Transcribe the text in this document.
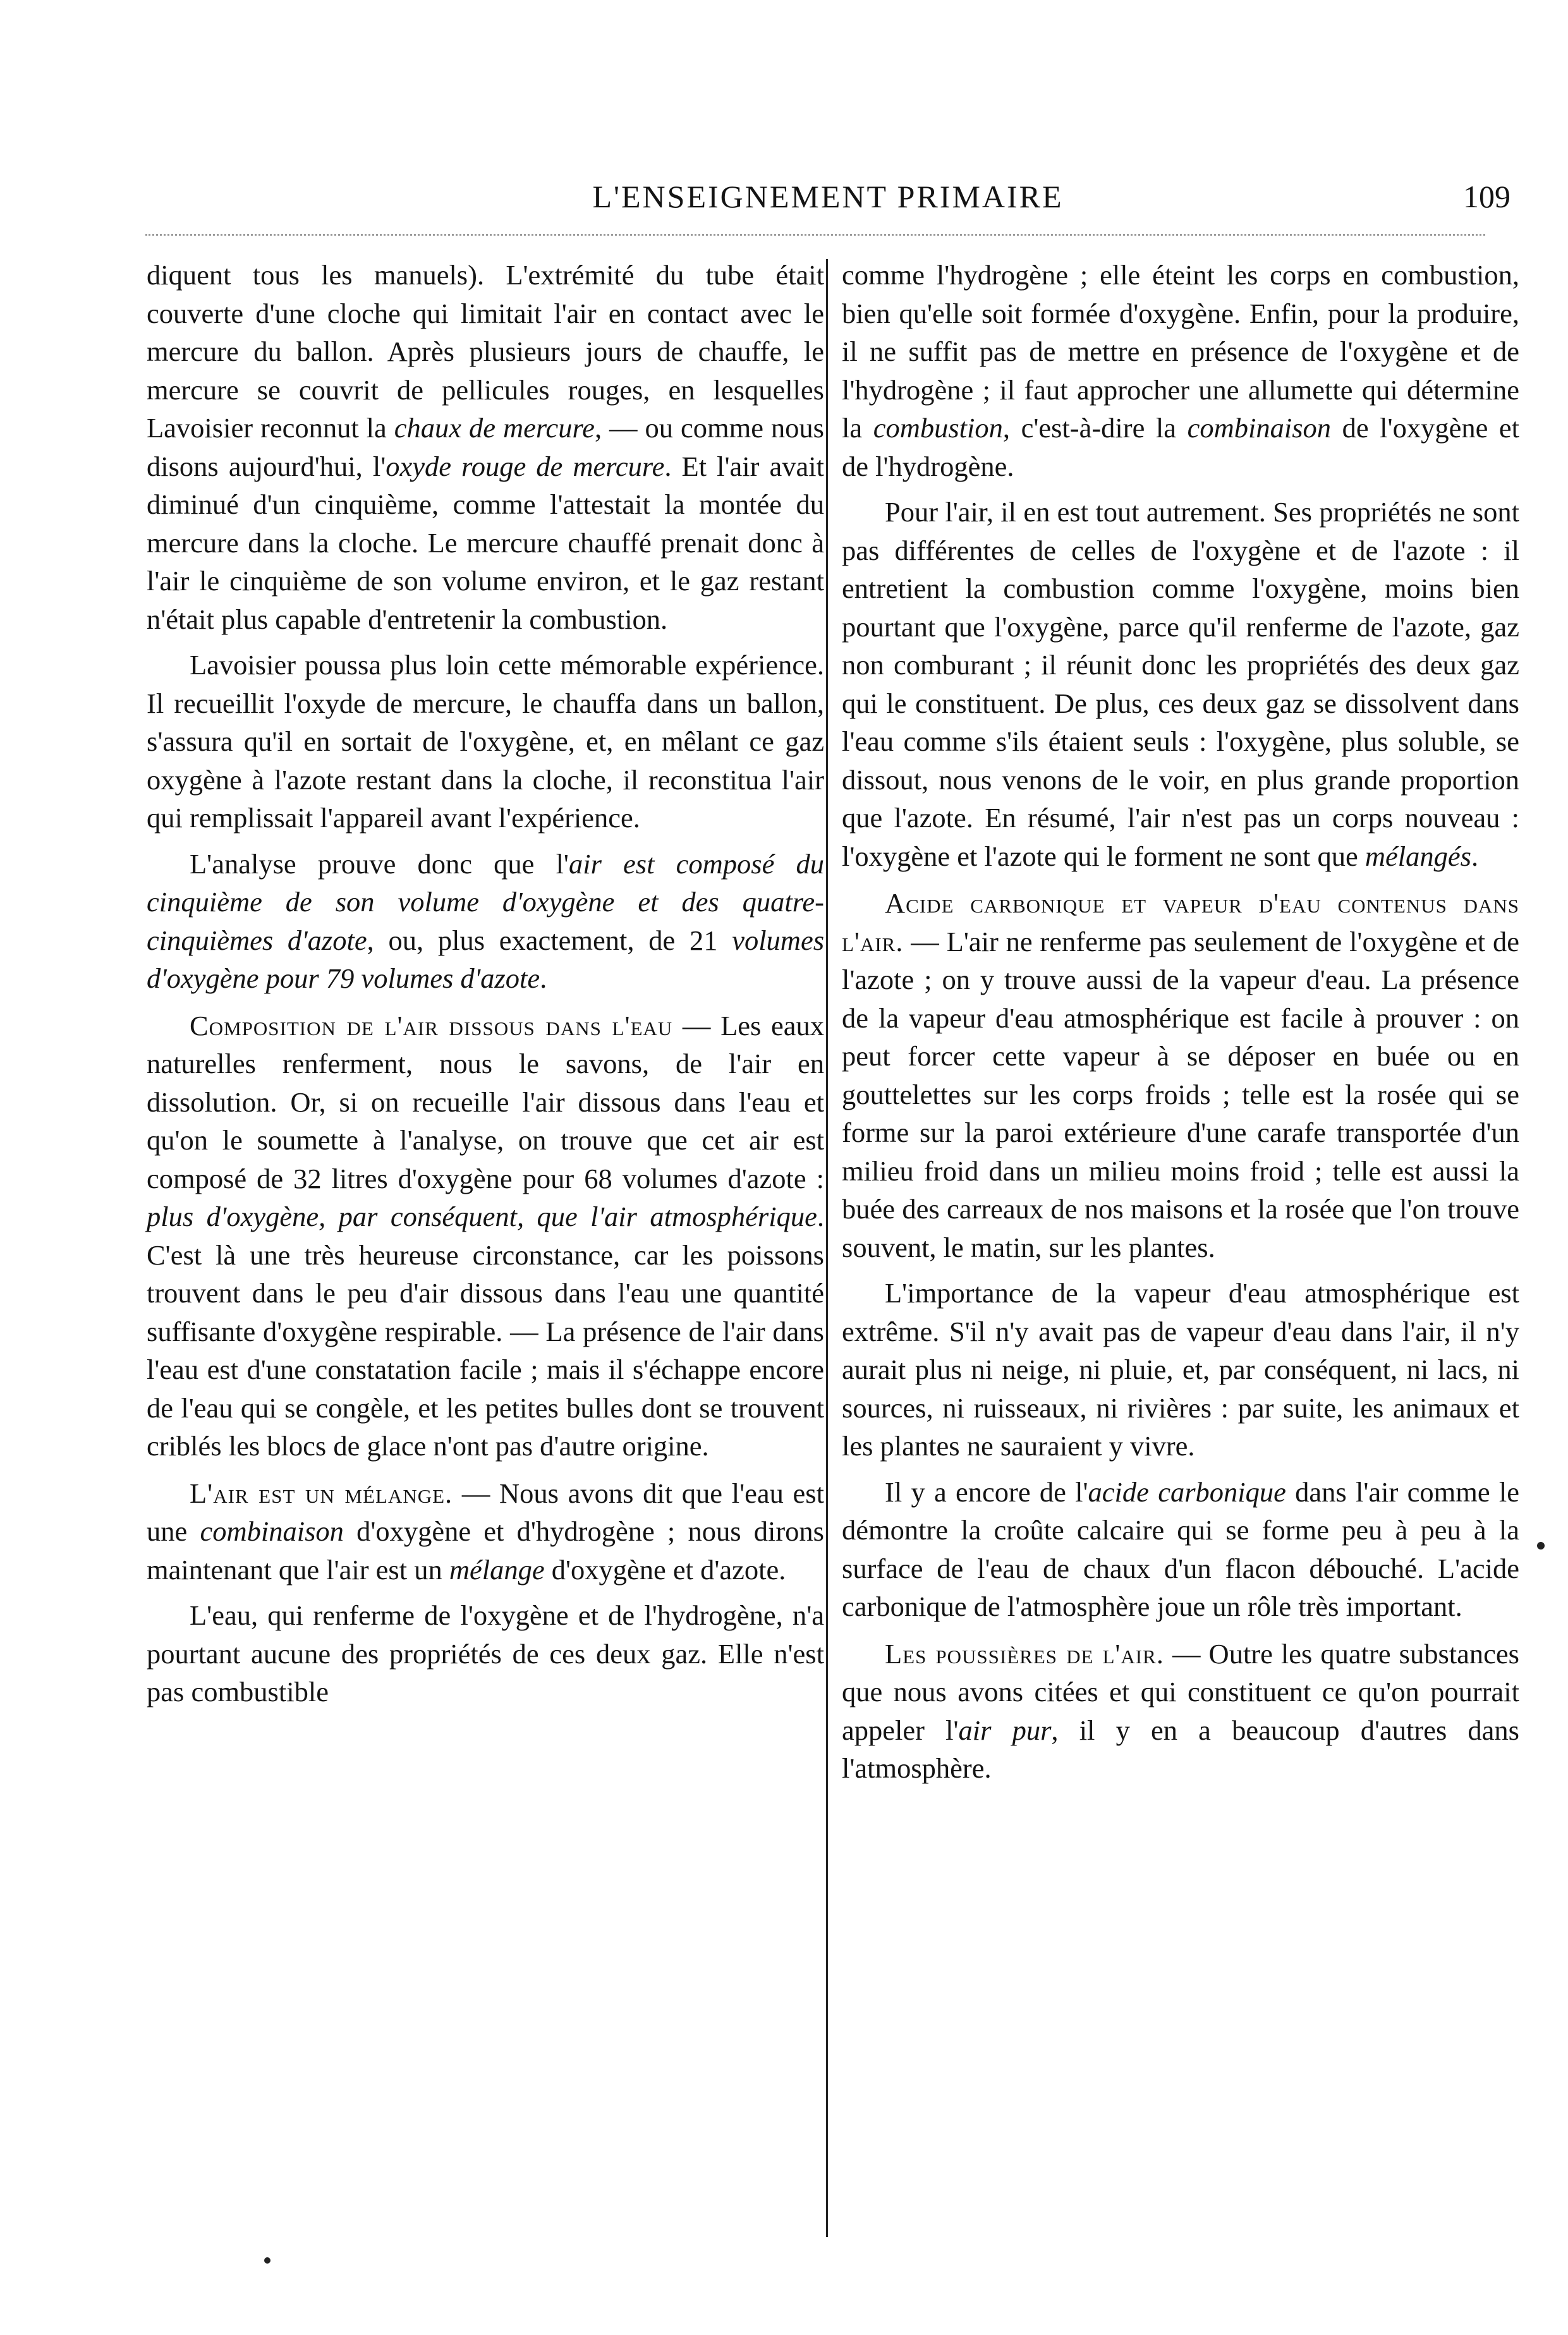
L'ENSEIGNEMENT PRIMAIRE	109

diquent tous les manuels). L'extrémité du tube était couverte d'une cloche qui limitait l'air en contact avec le mercure du ballon. Après plusieurs jours de chauffe, le mercure se couvrit de pellicules rouges, en lesquelles Lavoisier reconnut la chaux de mercure, — ou comme nous disons aujourd'hui, l'oxyde rouge de mercure. Et l'air avait diminué d'un cinquième, comme l'attestait la montée du mercure dans la cloche. Le mercure chauffé prenait donc à l'air le cinquième de son volume environ, et le gaz restant n'était plus capable d'entretenir la combustion.

Lavoisier poussa plus loin cette mémorable expérience. Il recueillit l'oxyde de mercure, le chauffa dans un ballon, s'assura qu'il en sortait de l'oxygène, et, en mêlant ce gaz oxygène à l'azote restant dans la cloche, il reconstitua l'air qui remplissait l'appareil avant l'expérience.

L'analyse prouve donc que l'air est composé du cinquième de son volume d'oxygène et des quatre-cinquièmes d'azote, ou, plus exactement, de 21 volumes d'oxygène pour 79 volumes d'azote.

Composition de l'air dissous dans l'eau — Les eaux naturelles renferment, nous le savons, de l'air en dissolution. Or, si on recueille l'air dissous dans l'eau et qu'on le soumette à l'analyse, on trouve que cet air est composé de 32 litres d'oxygène pour 68 volumes d'azote : plus d'oxygène, par conséquent, que l'air atmosphérique. C'est là une très heureuse circonstance, car les poissons trouvent dans le peu d'air dissous dans l'eau une quantité suffisante d'oxygène respirable. — La présence de l'air dans l'eau est d'une constatation facile ; mais il s'échappe encore de l'eau qui se congèle, et les petites bulles dont se trouvent criblés les blocs de glace n'ont pas d'autre origine.

L'air est un mélange. — Nous avons dit que l'eau est une combinaison d'oxygène et d'hydrogène ; nous dirons maintenant que l'air est un mélange d'oxygène et d'azote.

L'eau, qui renferme de l'oxygène et de l'hydrogène, n'a pourtant aucune des propriétés de ces deux gaz. Elle n'est pas combustible

comme l'hydrogène ; elle éteint les corps en combustion, bien qu'elle soit formée d'oxygène. Enfin, pour la produire, il ne suffit pas de mettre en présence de l'oxygène et de l'hydrogène ; il faut approcher une allumette qui détermine la combustion, c'est-à-dire la combinaison de l'oxygène et de l'hydrogène.

Pour l'air, il en est tout autrement. Ses propriétés ne sont pas différentes de celles de l'oxygène et de l'azote : il entretient la combustion comme l'oxygène, moins bien pourtant que l'oxygène, parce qu'il renferme de l'azote, gaz non comburant ; il réunit donc les propriétés des deux gaz qui le constituent. De plus, ces deux gaz se dissolvent dans l'eau comme s'ils étaient seuls : l'oxygène, plus soluble, se dissout, nous venons de le voir, en plus grande proportion que l'azote. En résumé, l'air n'est pas un corps nouveau : l'oxygène et l'azote qui le forment ne sont que mélangés.

Acide carbonique et vapeur d'eau contenus dans l'air. — L'air ne renferme pas seulement de l'oxygène et de l'azote ; on y trouve aussi de la vapeur d'eau. La présence de la vapeur d'eau atmosphérique est facile à prouver : on peut forcer cette vapeur à se déposer en buée ou en gouttelettes sur les corps froids ; telle est la rosée qui se forme sur la paroi extérieure d'une carafe transportée d'un milieu froid dans un milieu moins froid ; telle est aussi la buée des carreaux de nos maisons et la rosée que l'on trouve souvent, le matin, sur les plantes.

L'importance de la vapeur d'eau atmosphérique est extrême. S'il n'y avait pas de vapeur d'eau dans l'air, il n'y aurait plus ni neige, ni pluie, et, par conséquent, ni lacs, ni sources, ni ruisseaux, ni rivières : par suite, les animaux et les plantes ne sauraient y vivre.

Il y a encore de l'acide carbonique dans l'air comme le démontre la croûte calcaire qui se forme peu à peu à la surface de l'eau de chaux d'un flacon débouché. L'acide carbonique de l'atmosphère joue un rôle très important.

Les poussières de l'air. — Outre les quatre substances que nous avons citées et qui constituent ce qu'on pourrait appeler l'air pur, il y en a beaucoup d'autres dans l'atmosphère.
